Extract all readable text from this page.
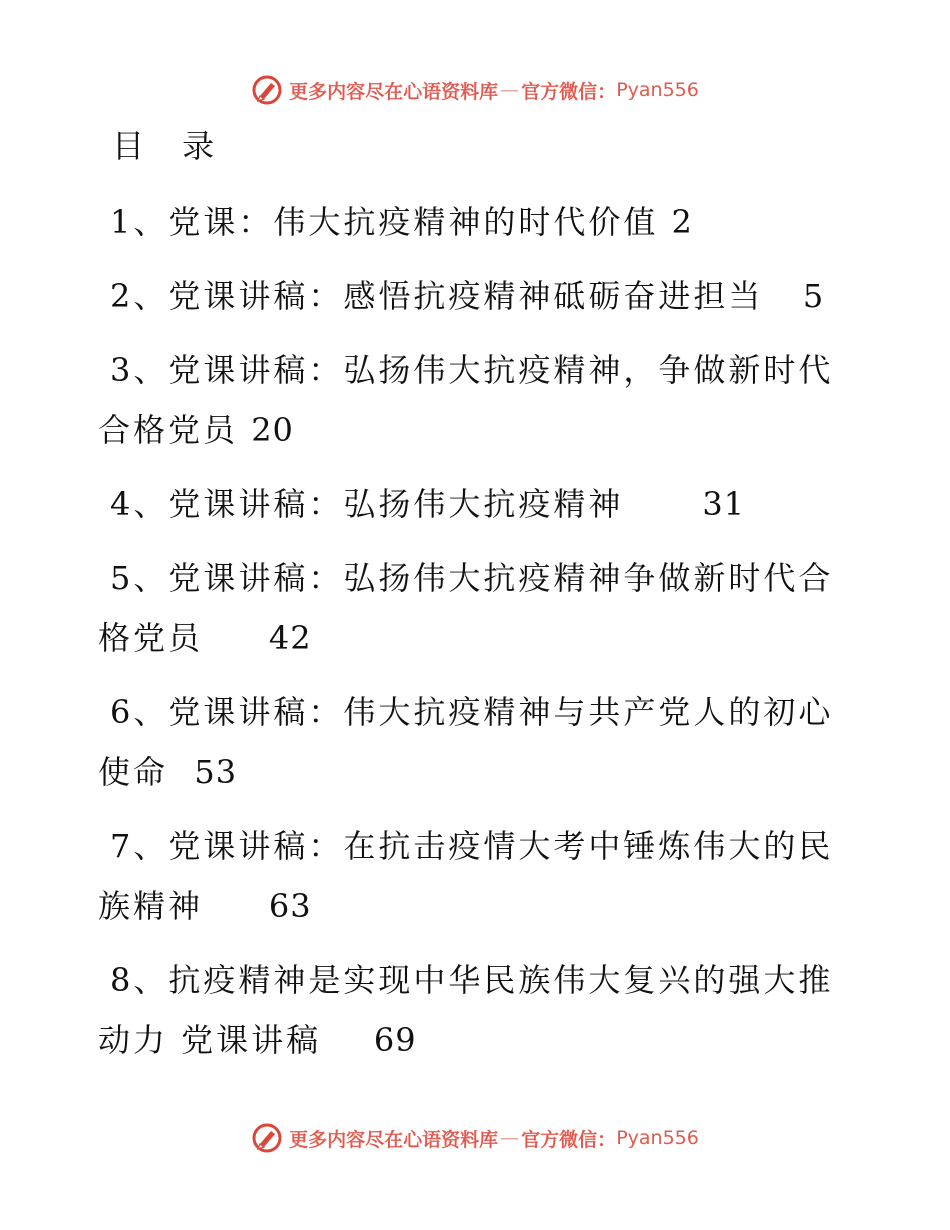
更多内容尽在心语资料库 — 官方微信： Pyan556
目 录
1、党课：伟大抗疫精神的时代价值 2
2、党课讲稿：感悟抗疫精神砥砺奋进担当 5
3、党课讲稿：弘扬伟大抗疫精神，争做新时代合格党员 20
4、党课讲稿：弘扬伟大抗疫精神 31
5、党课讲稿：弘扬伟大抗疫精神争做新时代合格党员 42
6、党课讲稿：伟大抗疫精神与共产党人的初心使命 53
7、党课讲稿：在抗击疫情大考中锤炼伟大的民族精神 63
8、抗疫精神是实现中华民族伟大复兴的强大推动力 党课讲稿 69
更多内容尽在心语资料库 — 官方微信： Pyan556
